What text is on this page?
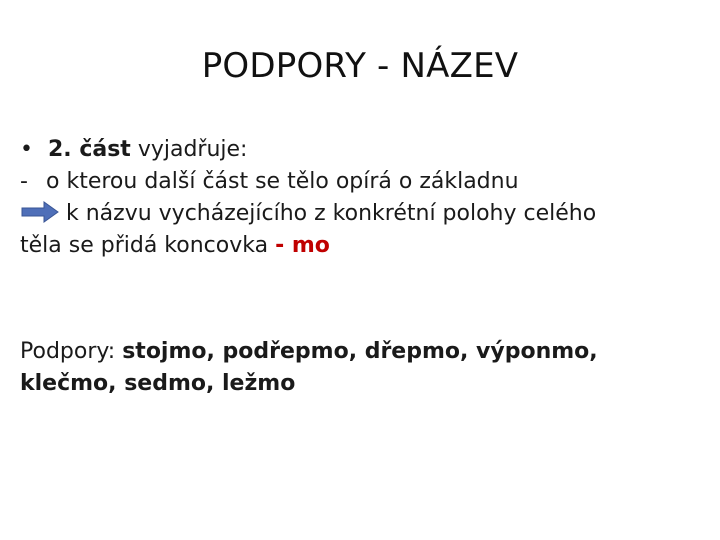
PODPORY - NÁZEV
• 2. část vyjadřuje:
- o kterou další část se tělo opírá o základnu
k názvu vycházejícího z konkrétní polohy celého
těla se přidá koncovka - mo
Podpory: stojmo, podřepmo, dřepmo, výponmo,
klečmo, sedmo, ležmo
